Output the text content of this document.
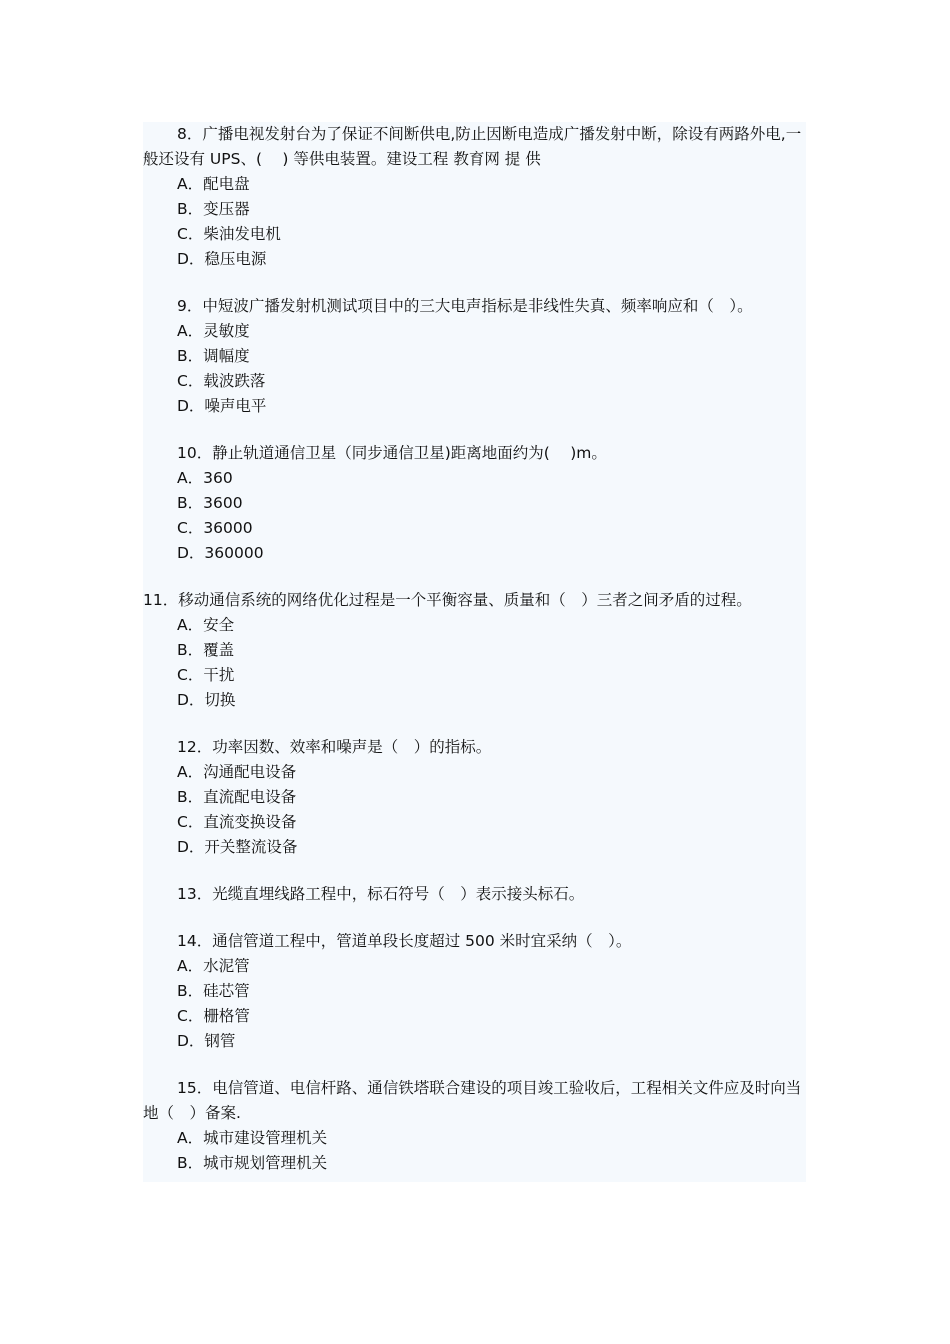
8．广播电视发射台为了保证不间断供电,防止因断电造成广播发射中断，除设有两路外电,一般还设有 UPS、(　 ) 等供电装置。建设工程 教育网 提 供
A．配电盘
B．变压器
C．柴油发电机
D．稳压电源
9．中短波广播发射机测试项目中的三大电声指标是非线性失真、频率响应和（　）。
A．灵敏度
B．调幅度
C．载波跌落
D．噪声电平
10．静止轨道通信卫星（同步通信卫星)距离地面约为(　 )m。
A．360
B．3600
C．36000
D．360000
11．移动通信系统的网络优化过程是一个平衡容量、质量和（　）三者之间矛盾的过程。
A．安全
B．覆盖
C．干扰
D．切换
12．功率因数、效率和噪声是（　）的指标。
A．沟通配电设备
B．直流配电设备
C．直流变换设备
D．开关整流设备
13．光缆直埋线路工程中，标石符号（　）表示接头标石。
14．通信管道工程中，管道单段长度超过 500 米时宜采纳（　）。
A．水泥管
B．硅芯管
C．栅格管
D．钢管
15．电信管道、电信杆路、通信铁塔联合建设的项目竣工验收后，工程相关文件应及时向当地（　）备案.
A．城市建设管理机关
B．城市规划管理机关
